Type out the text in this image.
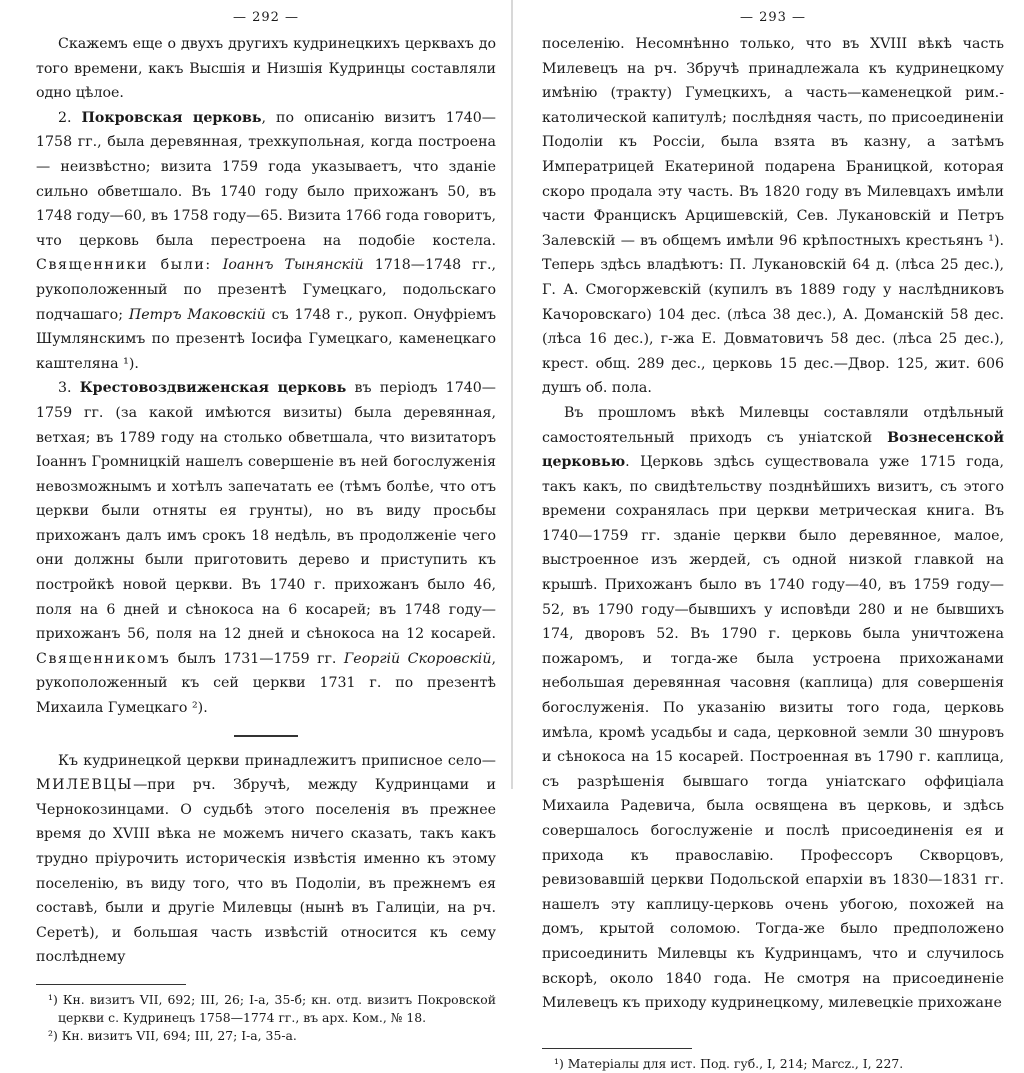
— 292 —

Скажемъ еще о двухъ другихъ кудринецкихъ церквахъ до того времени, какъ Высшія и Низшія Кудринцы составляли одно цѣлое.

2. Покровская церковь, по описанію визитъ 1740—1758 гг., была деревянная, трехкупольная, когда построена — неизвѣстно; визита 1759 года указываетъ, что зданіе сильно обветшало. Въ 1740 году было прихожанъ 50, въ 1748 году—60, въ 1758 году—65. Визита 1766 года говоритъ, что церковь была перестроена на подобіе костела. Священники были: Іоаннъ Тынянскій 1718—1748 гг., рукоположенный по презентѣ Гумецкаго, подольскаго подчашаго; Петръ Маковскій съ 1748 г., рукоп. Онуфріемъ Шумлянскимъ по презентѣ Іосифа Гумецкаго, каменецкаго каштеляна ¹).

3. Крестовоздвиженская церковь въ періодъ 1740—1759 гг. (за какой имѣются визиты) была деревянная, ветхая; въ 1789 году на столько обветшала, что визитаторъ Іоаннъ Громницкій нашелъ совершеніе въ ней богослуженія невозможнымъ и хотѣлъ запечатать ее (тѣмъ болѣе, что отъ церкви были отняты ея грунты), но въ виду просьбы прихожанъ далъ имъ срокъ 18 недѣль, въ продолженіе чего они должны были приготовить дерево и приступить къ постройкѣ новой церкви. Въ 1740 г. прихожанъ было 46, поля на 6 дней и сѣнокоса на 6 косарей; въ 1748 году—прихожанъ 56, поля на 12 дней и сѣнокоса на 12 косарей. Священникомъ былъ 1731—1759 гг. Георгій Скоровскій, рукоположенный къ сей церкви 1731 г. по презентѣ Михаила Гумецкаго ²).

Къ кудринецкой церкви принадлежитъ приписное село— МИЛЕВЦЫ—при рч. Збручѣ, между Кудринцами и Чернокозинцами. О судьбѣ этого поселенія въ прежнее время до XVIII вѣка не можемъ ничего сказать, такъ какъ трудно пріурочить историческія извѣстія именно къ этому поселенію, въ виду того, что въ Подоліи, въ прежнемъ ея составѣ, были и другіе Милевцы (нынѣ въ Галиціи, на рч. Серетѣ), и большая часть извѣстій относится къ сему послѣднему

¹) Кн. визитъ VII, 692; III, 26; I-а, 35-б; кн. отд. визитъ Покровской церкви с. Кудринецъ 1758—1774 гг., въ арх. Ком., № 18.
²) Кн. визитъ VII, 694; III, 27; I-а, 35-а.
— 293 —

поселенію. Несомнѣнно только, что въ XVIII вѣкѣ часть Милевецъ на рч. Збручѣ принадлежала къ кудринецкому имѣнію (тракту) Гумецкихъ, а часть—каменецкой рим.-католической капитулѣ; послѣдняя часть, по присоединеніи Подоліи къ Россіи, была взята въ казну, а затѣмъ Императрицей Екатериной подарена Браницкой, которая скоро продала эту часть. Въ 1820 году въ Милевцахъ имѣли части Францискъ Арцишевскій, Сев. Лукановскій и Петръ Залевскій — въ общемъ имѣли 96 крѣпостныхъ крестьянъ ¹). Теперь здѣсь владѣютъ: П. Лукановскій 64 д. (лѣса 25 дес.), Г. А. Смогоржевскій (купилъ въ 1889 году у наслѣдниковъ Качоровскаго) 104 дес. (лѣса 38 дес.), А. Доманскій 58 дес. (лѣса 16 дес.), г-жа Е. Довматовичъ 58 дес. (лѣса 25 дес.), крест. общ. 289 дес., церковь 15 дес.—Двор. 125, жит. 606 душъ об. пола.

Въ прошломъ вѣкѣ Милевцы составляли отдѣльный самостоятельный приходъ съ уніатской Вознесенской церковью. Церковь здѣсь существовала уже 1715 года, такъ какъ, по свидѣтельству позднѣйшихъ визитъ, съ этого времени сохранялась при церкви метрическая книга. Въ 1740—1759 гг. зданіе церкви было деревянное, малое, выстроенное изъ жердей, съ одной низкой главкой на крышѣ. Прихожанъ было въ 1740 году—40, въ 1759 году—52, въ 1790 году—бывшихъ у исповѣди 280 и не бывшихъ 174, дворовъ 52. Въ 1790 г. церковь была уничтожена пожаромъ, и тогда-же была устроена прихожанами небольшая деревянная часовня (каплица) для совершенія богослуженія. По указанію визиты того года, церковь имѣла, кромѣ усадьбы и сада, церковной земли 30 шнуровъ и сѣнокоса на 15 косарей. Построенная въ 1790 г. каплица, съ разрѣшенія бывшаго тогда уніатскаго оффиціала Михаила Радевича, была освящена въ церковь, и здѣсь совершалось богослуженіе и послѣ присоединенія ея и прихода къ православію. Профессоръ Скворцовъ, ревизовавшій церкви Подольской епархіи въ 1830—1831 гг. нашелъ эту каплицу-церковь очень убогою, похожей на домъ, крытой соломою. Тогда-же было предположено присоединить Милевцы къ Кудринцамъ, что и случилось вскорѣ, около 1840 года. Не смотря на присоединеніе Милевецъ къ приходу кудринецкому, милевецкіе прихожане

¹) Матеріалы для ист. Под. губ., I, 214; Marcz., I, 227.
